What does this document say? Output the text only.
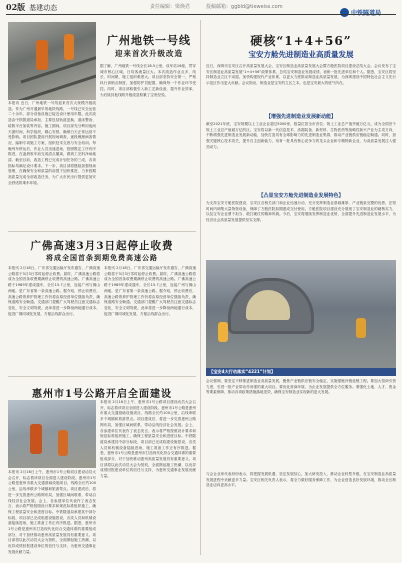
02版 基建动态	责任编辑：梁焕君	投稿邮箱：ggbld@tieweiss.com
广州地铁一号线
迎来首次升级改造
本报讯 近日，广州地铁一号线迎来首次大规模升级改造。作为广州开通最早的地铁线路，一号线已安全运营二十余年，部分设备设施已接近设计使用年限。此次改造由中铁隧道局承担，主要包括轨道更换、道床整治、疏散平台加装等内容。施工期间，项目部充分利用夜间天窗时间，科学组织，精心安排，确保白天正常运营不受影响。项目团队提前开展现场调查，逐段梳理病害情况，编制专项施工方案，组织技术交底与安全培训。每晚列车停运后，作业人员迅速进场，按照既定工序有序推进，在凌晨收车前完成清点撤离，做到工完料净场地清。截至目前，改造工程已完成计划任务的三成，各项指标均满足设计要求。下一步，项目部将继续加强现场管理，在确保安全和质量的前提下加快推进，力争按期高质量完成全部改造任务，为广大市民出行提供更加安全舒适的乘车环境。
据了解，广州地铁一号线全长18.5公里，设车站16座，贯穿城市核心区域，日均客流量巨大。本次改造作业点多、线长、时间紧，施工组织难度大。项目部坚持安全第一，严格执行请销点制度，加强防护员配置，确保每一个作业环节受控。同时，项目部积极引入新工艺新设备，提升作业效率，为后续其他线路升级改造积累了宝贵经验。
广佛高速3月3日起停止收费
将成全国首条到期免费高速公路
本报讯 2月18日，广东省交通运输厅发布通告，广佛高速公路将于3月3日零时起停止收费。届时，广佛高速公路将成为全国首条收费期满停止收费的高速公路。广佛高速公路于1989年建成通车，全长15.7公里，连接广州与佛山两地，是广东省第一条高速公路。据介绍，停止收费后，高速公路的养护管理工作仍将由原经营单位继续负责，确保道路安全畅通。交通部门提醒广大驾驶员注意交通标志变化，安全文明驾驶。此举将进一步降低两地通行成本，促进广佛同城化发展，方便沿线群众出行。
本报讯 2月18日，广东省交通运输厅发布通告，广佛高速公路将于3月3日零时起停止收费。届时，广佛高速公路将成为全国首条收费期满停止收费的高速公路。广佛高速公路于1989年建成通车，全长15.7公里，连接广州与佛山两地，是广东省第一条高速公路。据介绍，停止收费后，高速公路的养护管理工作仍将由原经营单位继续负责，确保道路安全畅通。交通部门提醒广大驾驶员注意交通标志变化，安全文明驾驶。此举将进一步降低两地通行成本，促进广佛同城化发展，方便沿线群众出行。
惠州市1号公路开启全面建设
本报讯 2月16日上午，惠州市1号公路项目建设动员大会召开，标志着该项目全面进入建设阶段。惠州市1号公路是惠州市重大交通基础设施项目，线路全长约100公里，沿线串联多个城镇和旅游景点。项目建成后，将进一步完善惠州公路网布局，加强区域间联系，带动沿线经济社会发展。会上，各参建单位代表作了表态发言，表示将严格按照设计要求和规范标准组织施工，确保工程质量安全和进度目标。中铁隧道局承建其中部分标段，项目部已完成临建设施搭设，各类人员和机械设备陆续进场，施工准备工作正有序推进。据悉，惠州市1号公路是惠州市打造现代化综合交通体系的重要组成部分，对于加快推动惠州高质量发展具有重要意义。项目部将以此次动员大会为契机，全面掀起施工热潮，以优异成绩回报建设单位的信任与支持，为惠州交通事业发展贡献力量。
本报讯 2月16日上午，惠州市1号公路项目建设动员大会召开，标志着该项目全面进入建设阶段。惠州市1号公路是惠州市重大交通基础设施项目，线路全长约100公里，沿线串联多个城镇和旅游景点。项目建成后，将进一步完善惠州公路网布局，加强区域间联系，带动沿线经济社会发展。会上，各参建单位代表作了表态发言，表示将严格按照设计要求和规范标准组织施工，确保工程质量安全和进度目标。中铁隧道局承建其中部分标段，项目部已完成临建设施搭设，各类人员和机械设备陆续进场，施工准备工作正有序推进。据悉，惠州市1号公路是惠州市打造现代化综合交通体系的重要组成部分，对于加快推动惠州高质量发展具有重要意义。项目部将以此次动员大会为契机，全面掀起施工热潮，以优异成绩回报建设单位的信任与支持，为惠州交通事业发展贡献力量。
硬核“1+4+56”
宝安方舱先进制造业高质量发展
近日，深圳市宝安区召开高质量发展大会，宝安区制造业高质量发展大会暨方舱医院项目建设总结大会。会议发布了宝安区制造业高质量发展“1+4+56”政策体系，总结宝安制造业发展成绩，表彰一批先进单位和个人。据悉，宝安区将坚持制造业立区不动摇，加快构建现代产业体系，以更大力度推动制造业高质量发展，为深圳建设中国特色社会主义先行示范区作出更大贡献。会议指出，制造业是宝安的立区之本，也是宝安最大的底气所在。
【增强先进制造业发展新动能】
截至2021年底，宝安规模以上工业企业超过5000家，数量位居全市首位；规上工业总产值突破万亿元，成为全国首个规上工业总产值破万亿的区。宝安将以新一代信息技术、高端装备、新材料、生物医药等战略性新兴产业为主攻方向，不断增强先进制造业发展新动能，加快打造具有全球影响力的先进制造业集群，推动产业链供应链稳定畅通。同时，加强关键核心技术攻关，提升自主创新能力，培育一批具有核心竞争力的龙头企业和专精特新企业，为高质量发展注入强劲动力。
【凸显宝安方舱先进制造业发展特色】
为支持宝安方舱医院建设，宝安区各相关部门和企业迅速行动，充分发挥制造业基础雄厚、产业链条完整的优势，在短时间内调集大量物资设备，保障了方舱医院如期建成交付使用。方舱医院项目建设充分展现了宝安制造业的硬核实力，以及宝安企业勇于担当、敢打硬仗的精神风貌。今后，宝安将继续发挥制造业优势，全面提升先进制造业发展水平，为经济社会高质量发展提供坚实支撑。
【宝安4大行动落实“4221”计划】
会议强调，要坚定不移推进制造业高质量发展，聚焦产业链供应链安全稳定，实施强链补链延链工程。要加大招商引资力度，引进一批产业带动作用强的重大项目。要优化营商环境，为企业发展提供全方位服务。要强化土地、人才、资金等要素保障，推动各项政策措施落地见效，确保宝安制造业实现新的更大发展。
与会企业家代表纷纷表示，将把握发展机遇，坚定发展信心，加大研发投入，推动企业转型升级，在宝安制造业高质量发展进程中贡献更多力量。宝安区相关负责人表示，将全力做好服务保障工作，为企业营造良好发展环境，推动全区制造业迈向更高水平。
